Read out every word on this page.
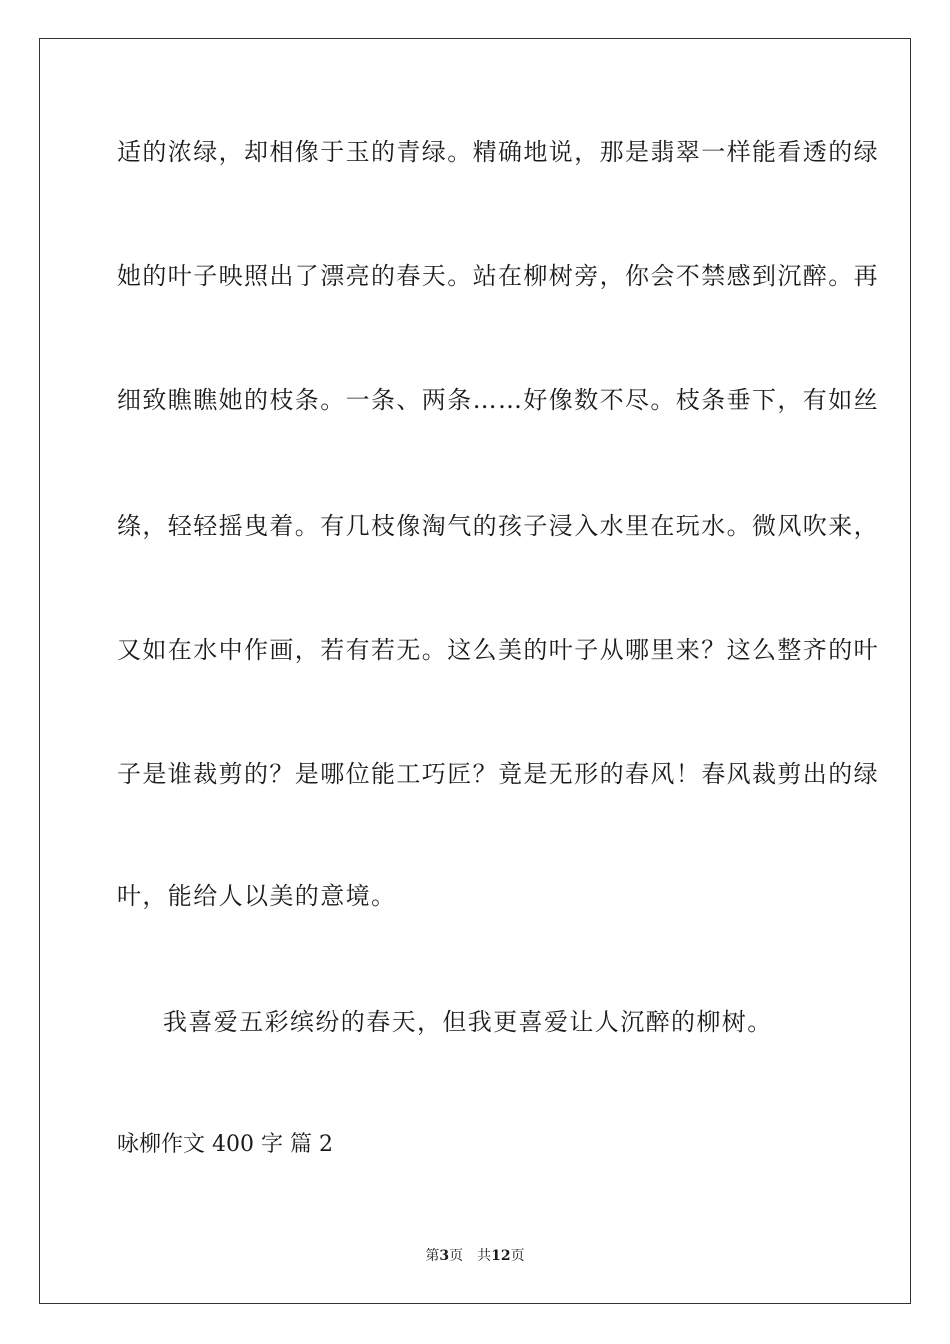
适的浓绿，却相像于玉的青绿。精确地说，那是翡翠一样能看透的绿
她的叶子映照出了漂亮的春天。站在柳树旁，你会不禁感到沉醉。再
细致瞧瞧她的枝条。一条、两条……好像数不尽。枝条垂下，有如丝
绦，轻轻摇曳着。有几枝像淘气的孩子浸入水里在玩水。微风吹来，
又如在水中作画，若有若无。这么美的叶子从哪里来？这么整齐的叶
子是谁裁剪的？是哪位能工巧匠？竟是无形的春风！春风裁剪出的绿
叶，能给人以美的意境。
我喜爱五彩缤纷的春天，但我更喜爱让人沉醉的柳树。
咏柳作文 400 字 篇 2
第3页　共12页
